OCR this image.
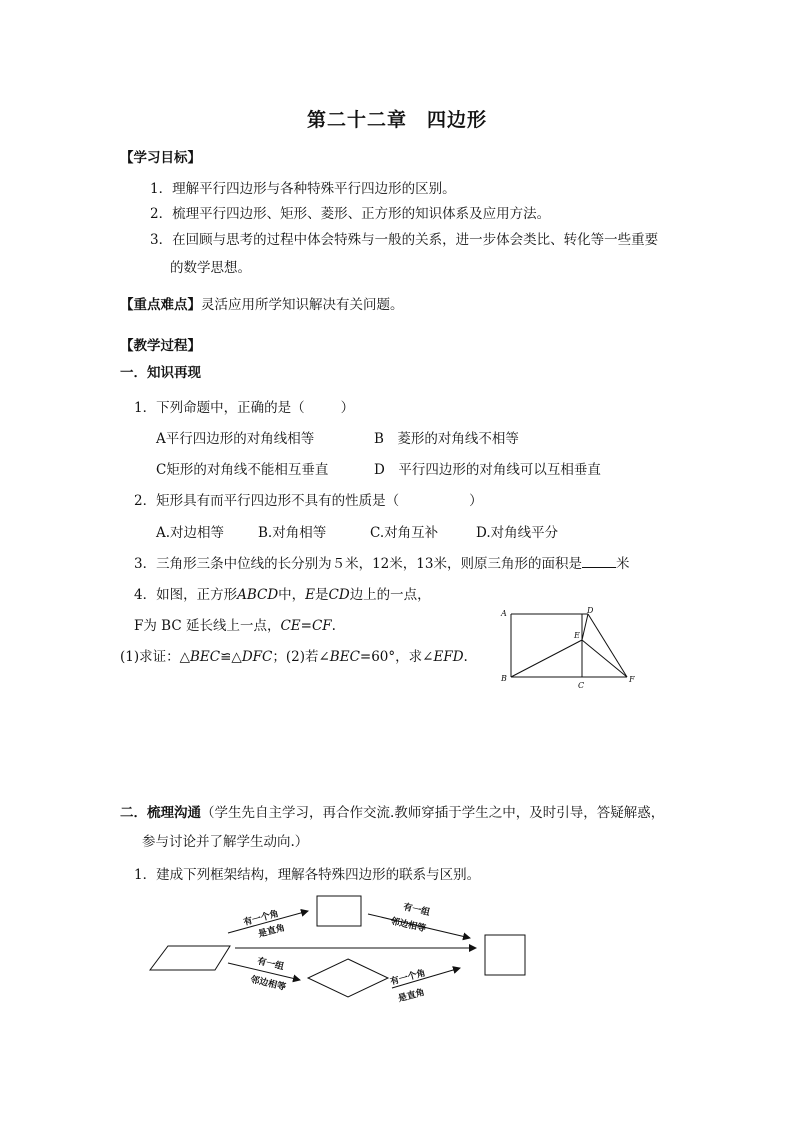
第二十二章　四边形
【学习目标】
1．理解平行四边形与各种特殊平行四边形的区别。
2．梳理平行四边形、矩形、菱形、正方形的知识体系及应用方法。
3．在回顾与思考的过程中体会特殊与一般的关系，进一步体会类比、转化等一些重要
的数学思想。
【重点难点】灵活应用所学知识解决有关问题。
【教学过程】
一．知识再现
1．下列命题中，正确的是（	）
A平行四边形的对角线相等	B　菱形的对角线不相等
C矩形的对角线不能相互垂直	D　平行四边形的对角线可以互相垂直
2．矩形具有而平行四边形不具有的性质是（	）
A.对边相等	B.对角相等	C.对角互补	D.对角线平分
3．三角形三条中位线的长分别为５米，12米，13米，则原三角形的面积是	米
4．如图，正方形ABCD中，E是CD边上的一点，
F为 BC 延长线上一点，CE=CF.
(1)求证：△BEC≌△DFC；(2)若∠BEC=60°，求∠EFD.
A	D
E
B
C
F
二．梳理沟通（学生先自主学习，再合作交流.教师穿插于学生之中，及时引导，答疑解惑，
参与讨论并了解学生动向.）
1．建成下列框架结构，理解各特殊四边形的联系与区别。
有一个角
是直角
有一组
邻边相等
有一组
邻边相等	有一个角
是直角
